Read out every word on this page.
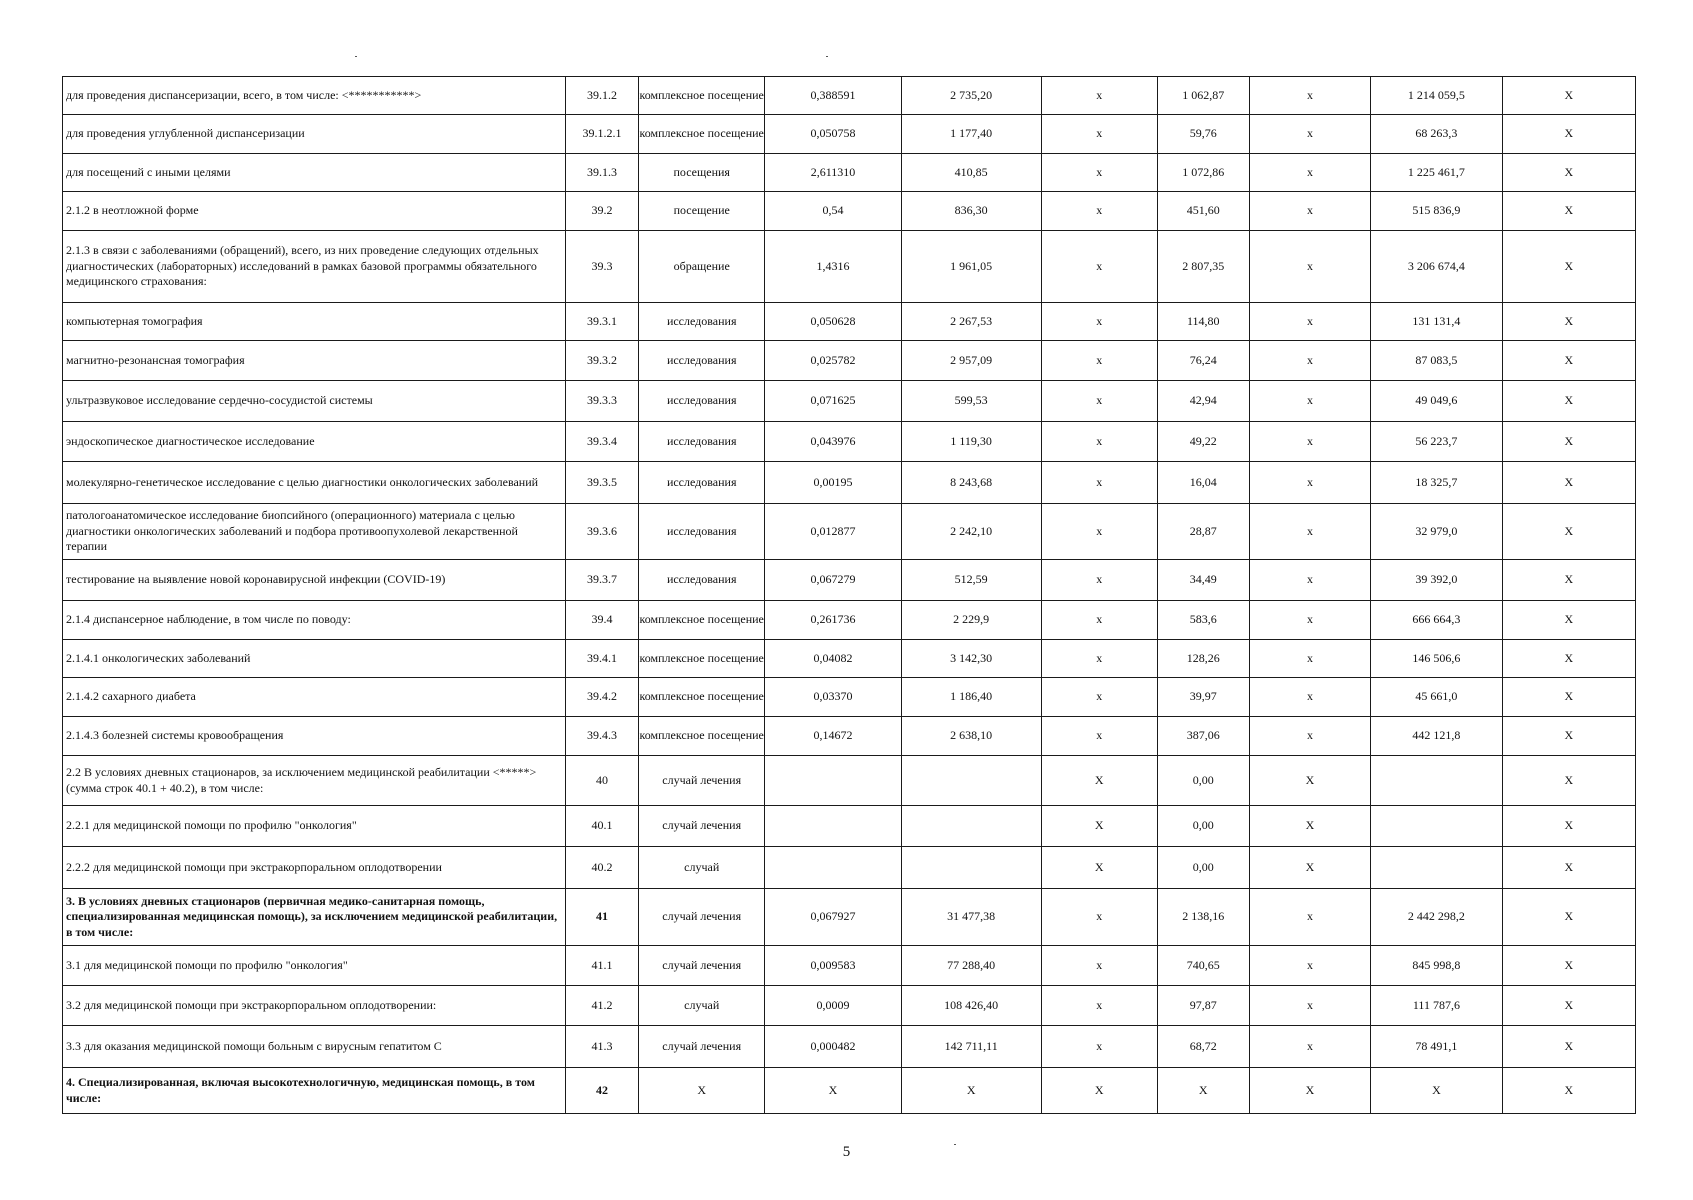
для проведения диспансеризации, всего, в том числе: <***********>	39.1.2	комплексное посещение	0,388591	2 735,20	х	1 062,87	х	1 214 059,5	Х
для проведения углубленной диспансеризации	39.1.2.1	комплексное посещение	0,050758	1 177,40	х	59,76	х	68 263,3	Х
для посещений с иными целями	39.1.3	посещения	2,611310	410,85	х	1 072,86	х	1 225 461,7	Х
2.1.2 в неотложной форме	39.2	посещение	0,54	836,30	х	451,60	х	515 836,9	Х
2.1.3 в связи с заболеваниями (обращений), всего, из них проведение следующих отдельных диагностических (лабораторных) исследований в рамках базовой программы обязательного медицинского страхования:	39.3	обращение	1,4316	1 961,05	х	2 807,35	х	3 206 674,4	Х
компьютерная томография	39.3.1	исследования	0,050628	2 267,53	х	114,80	х	131 131,4	Х
магнитно-резонансная томография	39.3.2	исследования	0,025782	2 957,09	х	76,24	х	87 083,5	Х
ультразвуковое исследование сердечно-сосудистой системы	39.3.3	исследования	0,071625	599,53	х	42,94	х	49 049,6	Х
эндоскопическое диагностическое исследование	39.3.4	исследования	0,043976	1 119,30	х	49,22	х	56 223,7	Х
молекулярно-генетическое исследование с целью диагностики онкологических заболеваний	39.3.5	исследования	0,00195	8 243,68	х	16,04	х	18 325,7	Х
патологоанатомическое исследование биопсийного (операционного) материала с целью диагностики онкологических заболеваний и подбора противоопухолевой лекарственной терапии	39.3.6	исследования	0,012877	2 242,10	х	28,87	х	32 979,0	Х
тестирование на выявление новой коронавирусной инфекции (COVID-19)	39.3.7	исследования	0,067279	512,59	х	34,49	х	39 392,0	Х
2.1.4 диспансерное наблюдение, в том числе по поводу:	39.4	комплексное посещение	0,261736	2 229,9	х	583,6	х	666 664,3	Х
2.1.4.1 онкологических заболеваний	39.4.1	комплексное посещение	0,04082	3 142,30	х	128,26	х	146 506,6	Х
2.1.4.2 сахарного диабета	39.4.2	комплексное посещение	0,03370	1 186,40	х	39,97	х	45 661,0	Х
2.1.4.3 болезней системы кровообращения	39.4.3	комплексное посещение	0,14672	2 638,10	х	387,06	х	442 121,8	Х
2.2 В условиях дневных стационаров, за исключением медицинской реабилитации <*****> (сумма строк 40.1 + 40.2), в том числе:	40	случай лечения			Х	0,00	Х		Х
2.2.1 для медицинской помощи по профилю "онкология"	40.1	случай лечения			Х	0,00	Х		Х
2.2.2 для медицинской помощи при экстракорпоральном оплодотворении	40.2	случай			Х	0,00	Х		Х
3. В условиях дневных стационаров (первичная медико-санитарная помощь, специализированная медицинская помощь), за исключением медицинской реабилитации, в том числе:	41	случай лечения	0,067927	31 477,38	х	2 138,16	х	2 442 298,2	Х
3.1 для медицинской помощи по профилю "онкология"	41.1	случай лечения	0,009583	77 288,40	х	740,65	х	845 998,8	Х
3.2 для медицинской помощи при экстракорпоральном оплодотворении:	41.2	случай	0,0009	108 426,40	х	97,87	х	111 787,6	Х
3.3 для оказания медицинской помощи больным с вирусным гепатитом С	41.3	случай лечения	0,000482	142 711,11	х	68,72	х	78 491,1	Х
4. Специализированная, включая высокотехнологичную, медицинская помощь, в том числе:	42	Х	Х	Х	Х	Х	Х	Х	Х
5
